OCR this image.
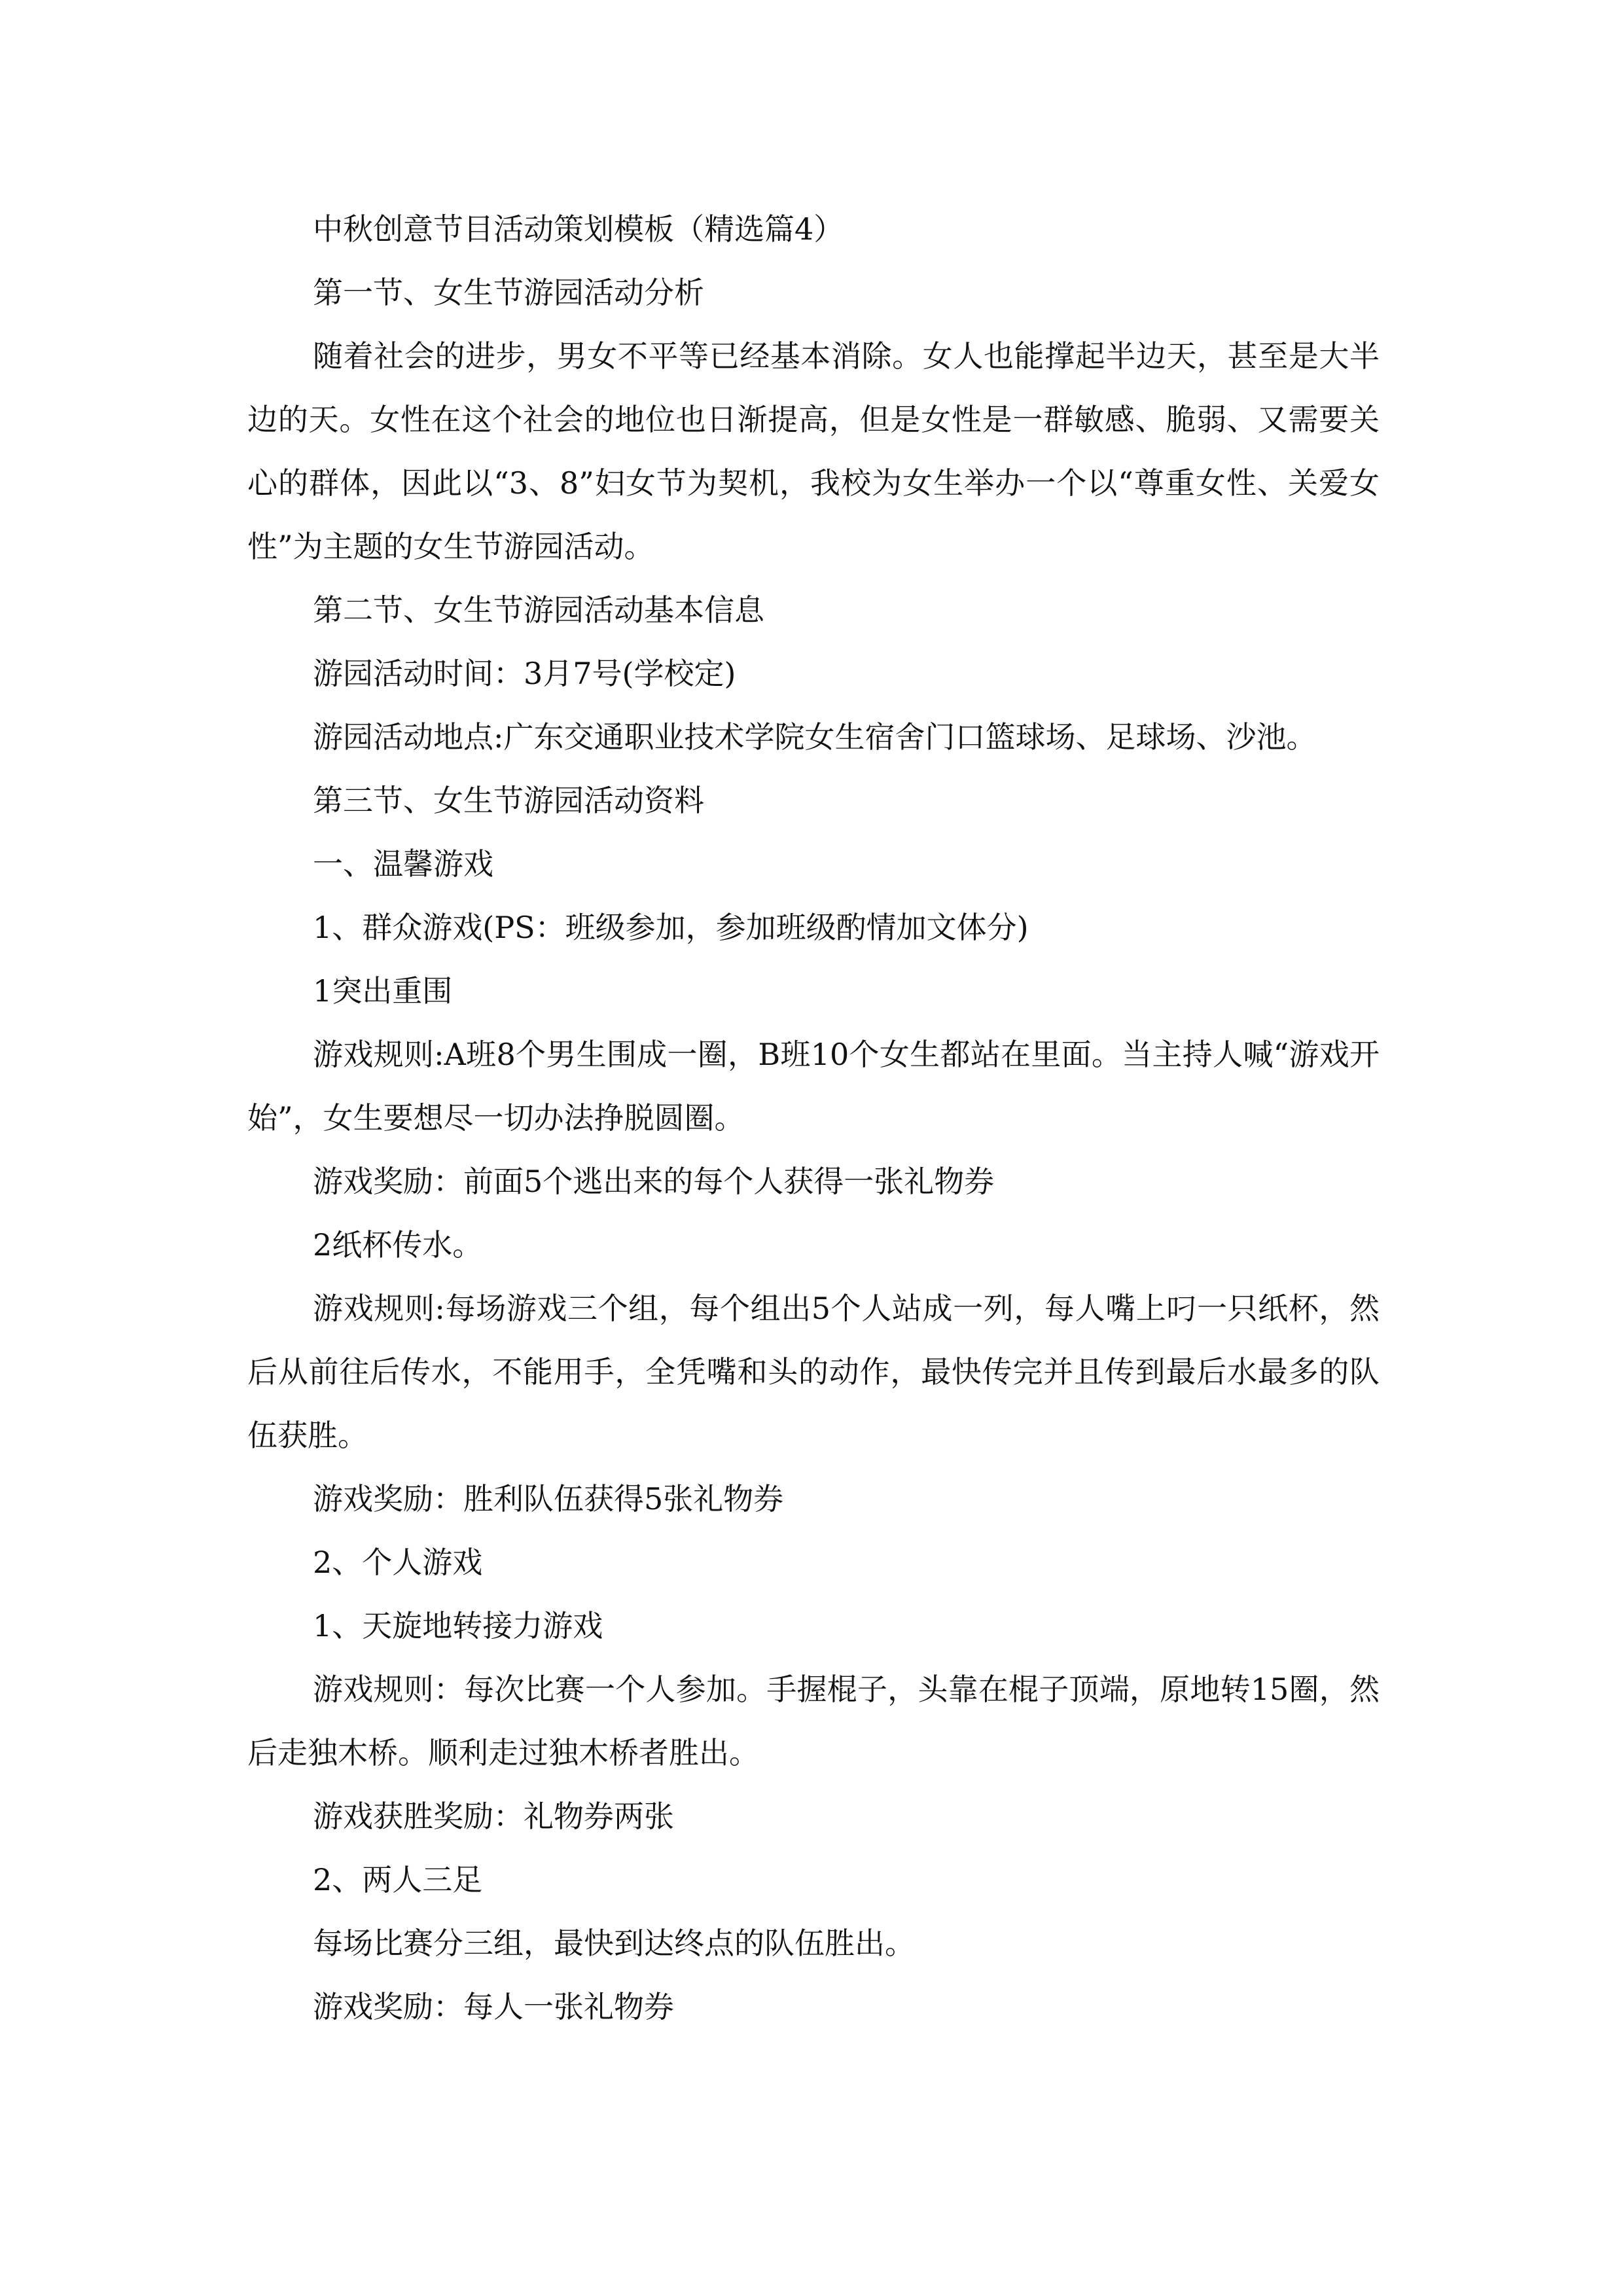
中秋创意节目活动策划模板（精选篇4）

第一节、女生节游园活动分析

随着社会的进步，男女不平等已经基本消除。女人也能撑起半边天，甚至是大半边的天。女性在这个社会的地位也日渐提高，但是女性是一群敏感、脆弱、又需要关心的群体，因此以“3、8”妇女节为契机，我校为女生举办一个以“尊重女性、关爱女性”为主题的女生节游园活动。

第二节、女生节游园活动基本信息

游园活动时间：3月7号(学校定)

游园活动地点:广东交通职业技术学院女生宿舍门口篮球场、足球场、沙池。

第三节、女生节游园活动资料

一、温馨游戏

1、群众游戏(PS：班级参加，参加班级酌情加文体分)

1突出重围

游戏规则:A班8个男生围成一圈，B班10个女生都站在里面。当主持人喊“游戏开始”，女生要想尽一切办法挣脱圆圈。

游戏奖励：前面5个逃出来的每个人获得一张礼物券

2纸杯传水。

游戏规则:每场游戏三个组，每个组出5个人站成一列，每人嘴上叼一只纸杯，然后从前往后传水，不能用手，全凭嘴和头的动作，最快传完并且传到最后水最多的队伍获胜。

游戏奖励：胜利队伍获得5张礼物券

2、个人游戏

1、天旋地转接力游戏

游戏规则：每次比赛一个人参加。手握棍子，头靠在棍子顶端，原地转15圈，然后走独木桥。顺利走过独木桥者胜出。

游戏获胜奖励：礼物券两张

2、两人三足

每场比赛分三组，最快到达终点的队伍胜出。

游戏奖励：每人一张礼物券
